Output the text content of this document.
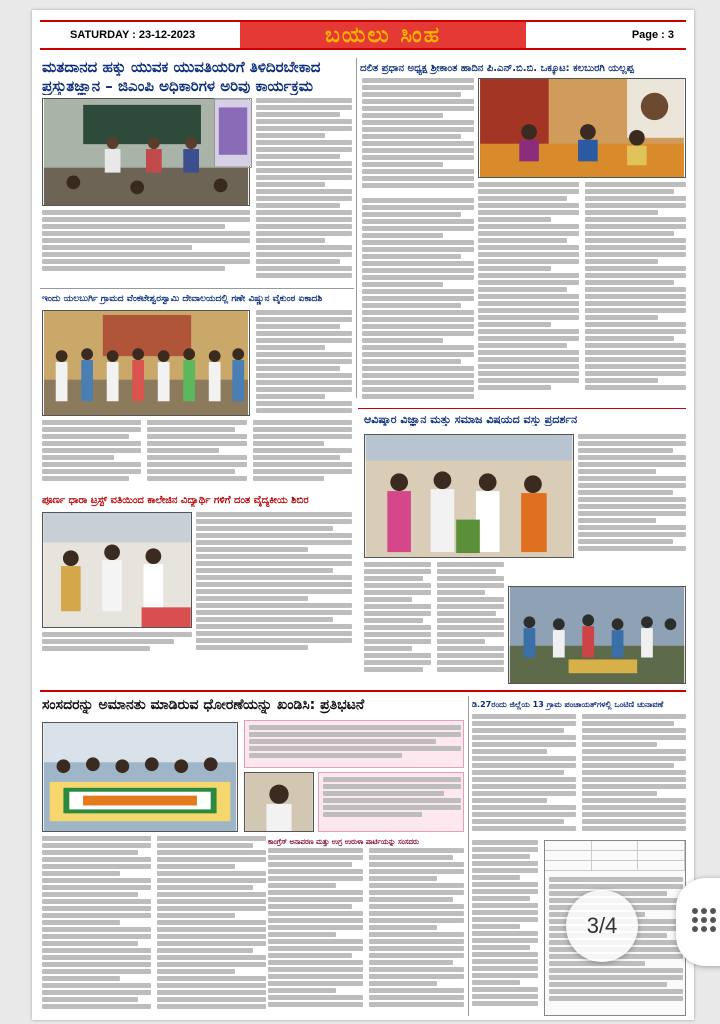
SATURDAY : 23-12-2023	ಬಯಲು ಸಿಂಹ	Page : 3
ಮತದಾನದ ಹಕ್ಕು ಯುವಕ ಯುವತಿಯರಿಗೆ ತಿಳಿದಿರಬೇಕಾದ
ಪ್ರಸ್ತುತಜ್ಞಾನ – ಜಿಎಂಪಿ ಅಧಿಕಾರಿಗಳ ಅರಿವು ಕಾರ್ಯಕ್ರಮ
ದಲಿತ ಪ್ರಧಾನ ಅಧ್ಯಕ್ಷ ಶ್ರೀಕಾಂತ ಹಾದಿನ ಪಿ.ಎನ್.ಬಿ.ಬಿ. ಒಕ್ಕೂಟ: ಕಲಬುರಗಿ ಯಲ್ಲಪ್ಪ
ಇಂದು ಯಲಬುರ್ಗಿ ಗ್ರಾಮದ ವೆಂಕಟೇಶ್ವರಸ್ವಾಮಿ ದೇವಾಲಯದಲ್ಲಿ ಗಣೇ ವಿಷ್ಣುನ ವೈಕುಂಠ ಏಕಾದಶಿ
ಪೂರ್ಣ ಧಾರಾ ಟ್ರಸ್ಟ್ ವತಿಯಿಂದ ಕಾಲೇಜಿನ ವಿದ್ಯಾರ್ಥಿ ಗಳಿಗೆ ದಂತ ವೈದ್ಯಕೀಯ ಶಿಬಿರ
ಆವಿಷ್ಕಾರ ವಿಜ್ಞಾನ ಮತ್ತು ಸಮಾಜ ವಿಷಯದ ವಸ್ತು ಪ್ರದರ್ಶನ
ಸಂಸದರನ್ನು ಅಮಾನತು ಮಾಡಿರುವ ಧೋರಣೆಯನ್ನು ಖಂಡಿಸಿ: ಪ್ರತಿಭಟನೆ
ಕಾಂಗ್ರೆಸ್ ಅನಾವರಣ ಮತ್ತು ಉಗ್ರ ಉರುಳಾ ಪಾರ್ಟಿಯನ್ನು ಸಂಸದರು
ಡಿ.27ರಂದು ಜಿಲ್ಲೆಯ 13 ಗ್ರಾಮ ಪಂಚಾಯತ್‌ಗಳಲ್ಲಿ ಒಂಟಿಣಿ ಚುನಾವಣೆ
3/4
